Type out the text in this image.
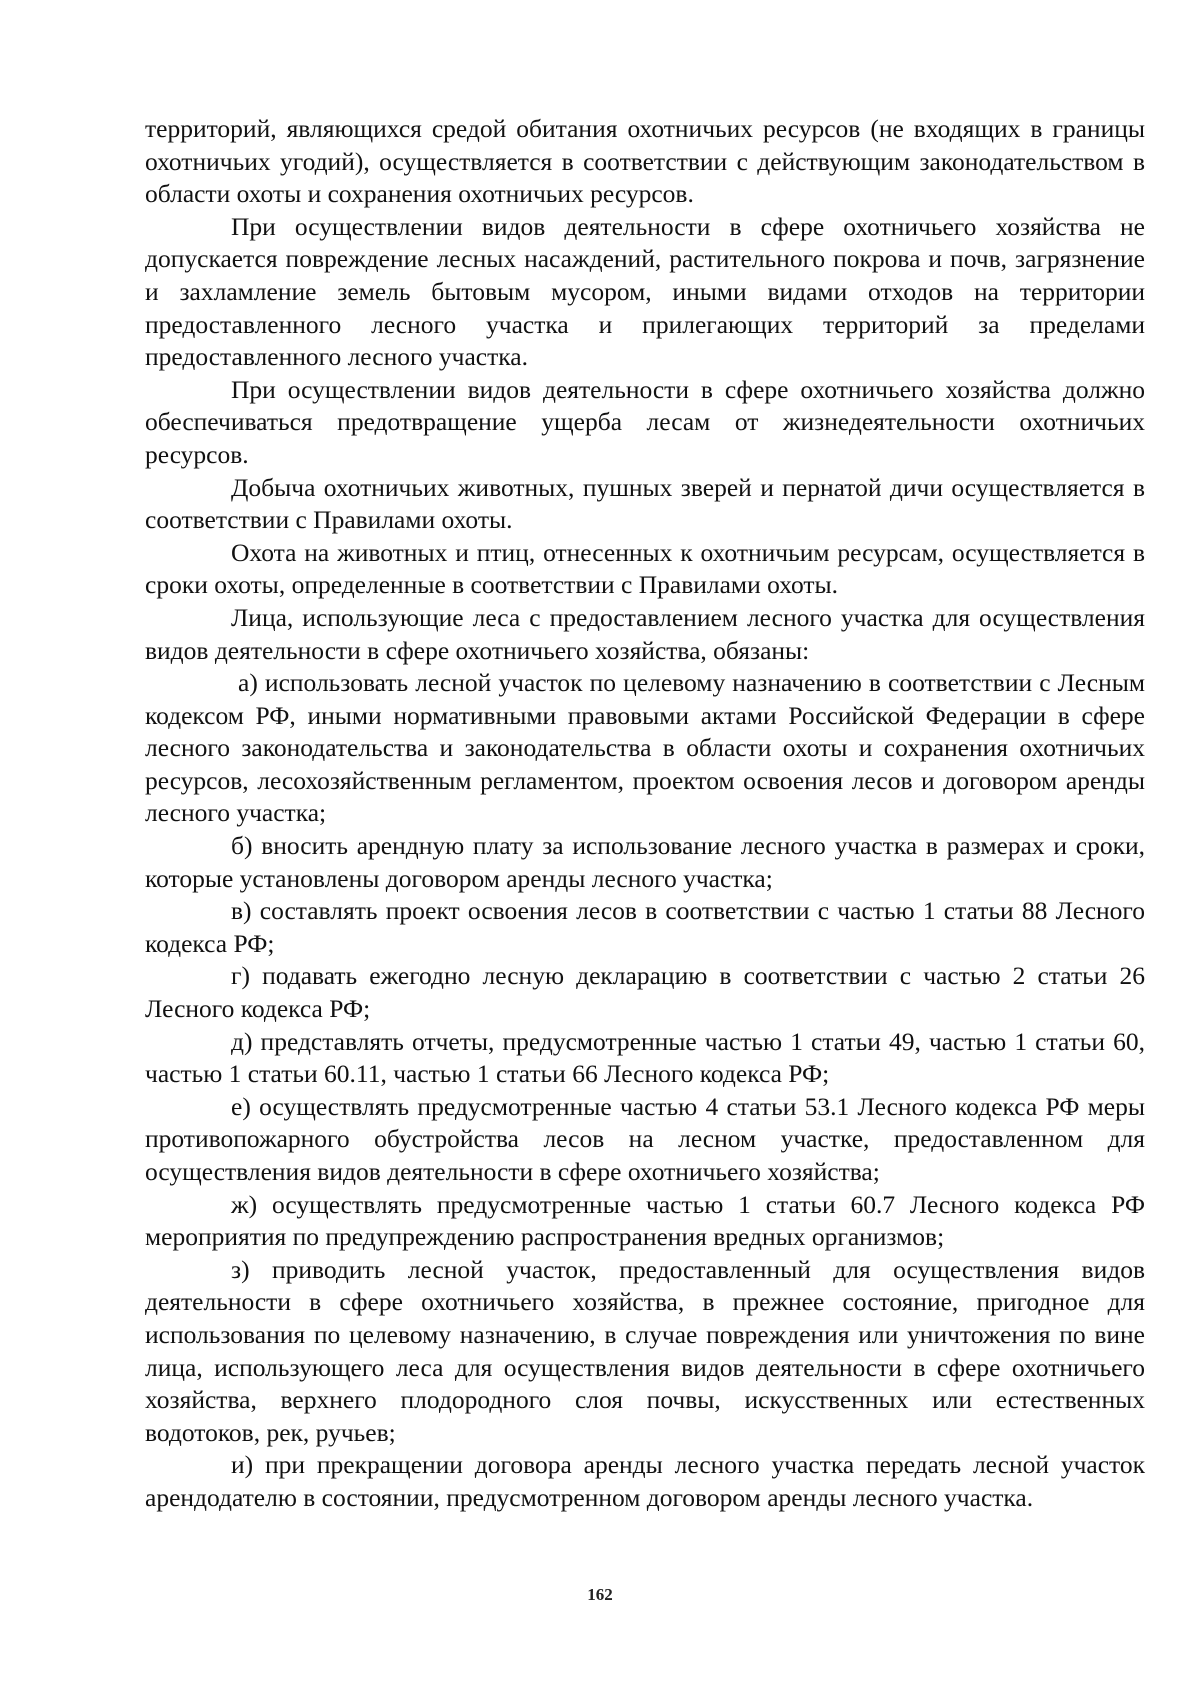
территорий, являющихся средой обитания охотничьих ресурсов (не входящих в границы охотничьих угодий), осуществляется в соответствии с действующим законодательством в области охоты и сохранения охотничьих ресурсов.

При осуществлении видов деятельности в сфере охотничьего хозяйства не допускается повреждение лесных насаждений, растительного покрова и почв, загрязнение и захламление земель бытовым мусором, иными видами отходов на территории предоставленного лесного участка и прилегающих территорий за пределами предоставленного лесного участка.

При осуществлении видов деятельности в сфере охотничьего хозяйства должно обеспечиваться предотвращение ущерба лесам от жизнедеятельности охотничьих ресурсов.

Добыча охотничьих животных, пушных зверей и пернатой дичи осуществляется в соответствии с Правилами охоты.

Охота на животных и птиц, отнесенных к охотничьим ресурсам, осуществляется в сроки охоты, определенные в соответствии с Правилами охоты.

Лица, использующие леса с предоставлением лесного участка для осуществления видов деятельности в сфере охотничьего хозяйства, обязаны:

а) использовать лесной участок по целевому назначению в соответствии с Лесным кодексом РФ, иными нормативными правовыми актами Российской Федерации в сфере лесного законодательства и законодательства в области охоты и сохранения охотничьих ресурсов, лесохозяйственным регламентом, проектом освоения лесов и договором аренды лесного участка;

б) вносить арендную плату за использование лесного участка в размерах и сроки, которые установлены договором аренды лесного участка;

в) составлять проект освоения лесов в соответствии с частью 1 статьи 88 Лесного кодекса РФ;

г) подавать ежегодно лесную декларацию в соответствии с частью 2 статьи 26 Лесного кодекса РФ;

д) представлять отчеты, предусмотренные частью 1 статьи 49, частью 1 статьи 60, частью 1 статьи 60.11, частью 1 статьи 66 Лесного кодекса РФ;

е) осуществлять предусмотренные частью 4 статьи 53.1 Лесного кодекса РФ меры противопожарного обустройства лесов на лесном участке, предоставленном для осуществления видов деятельности в сфере охотничьего хозяйства;

ж) осуществлять предусмотренные частью 1 статьи 60.7 Лесного кодекса РФ мероприятия по предупреждению распространения вредных организмов;

з) приводить лесной участок, предоставленный для осуществления видов деятельности в сфере охотничьего хозяйства, в прежнее состояние, пригодное для использования по целевому назначению, в случае повреждения или уничтожения по вине лица, использующего леса для осуществления видов деятельности в сфере охотничьего хозяйства, верхнего плодородного слоя почвы, искусственных или естественных водотоков, рек, ручьев;

и) при прекращении договора аренды лесного участка передать лесной участок арендодателю в состоянии, предусмотренном договором аренды лесного участка.

162
